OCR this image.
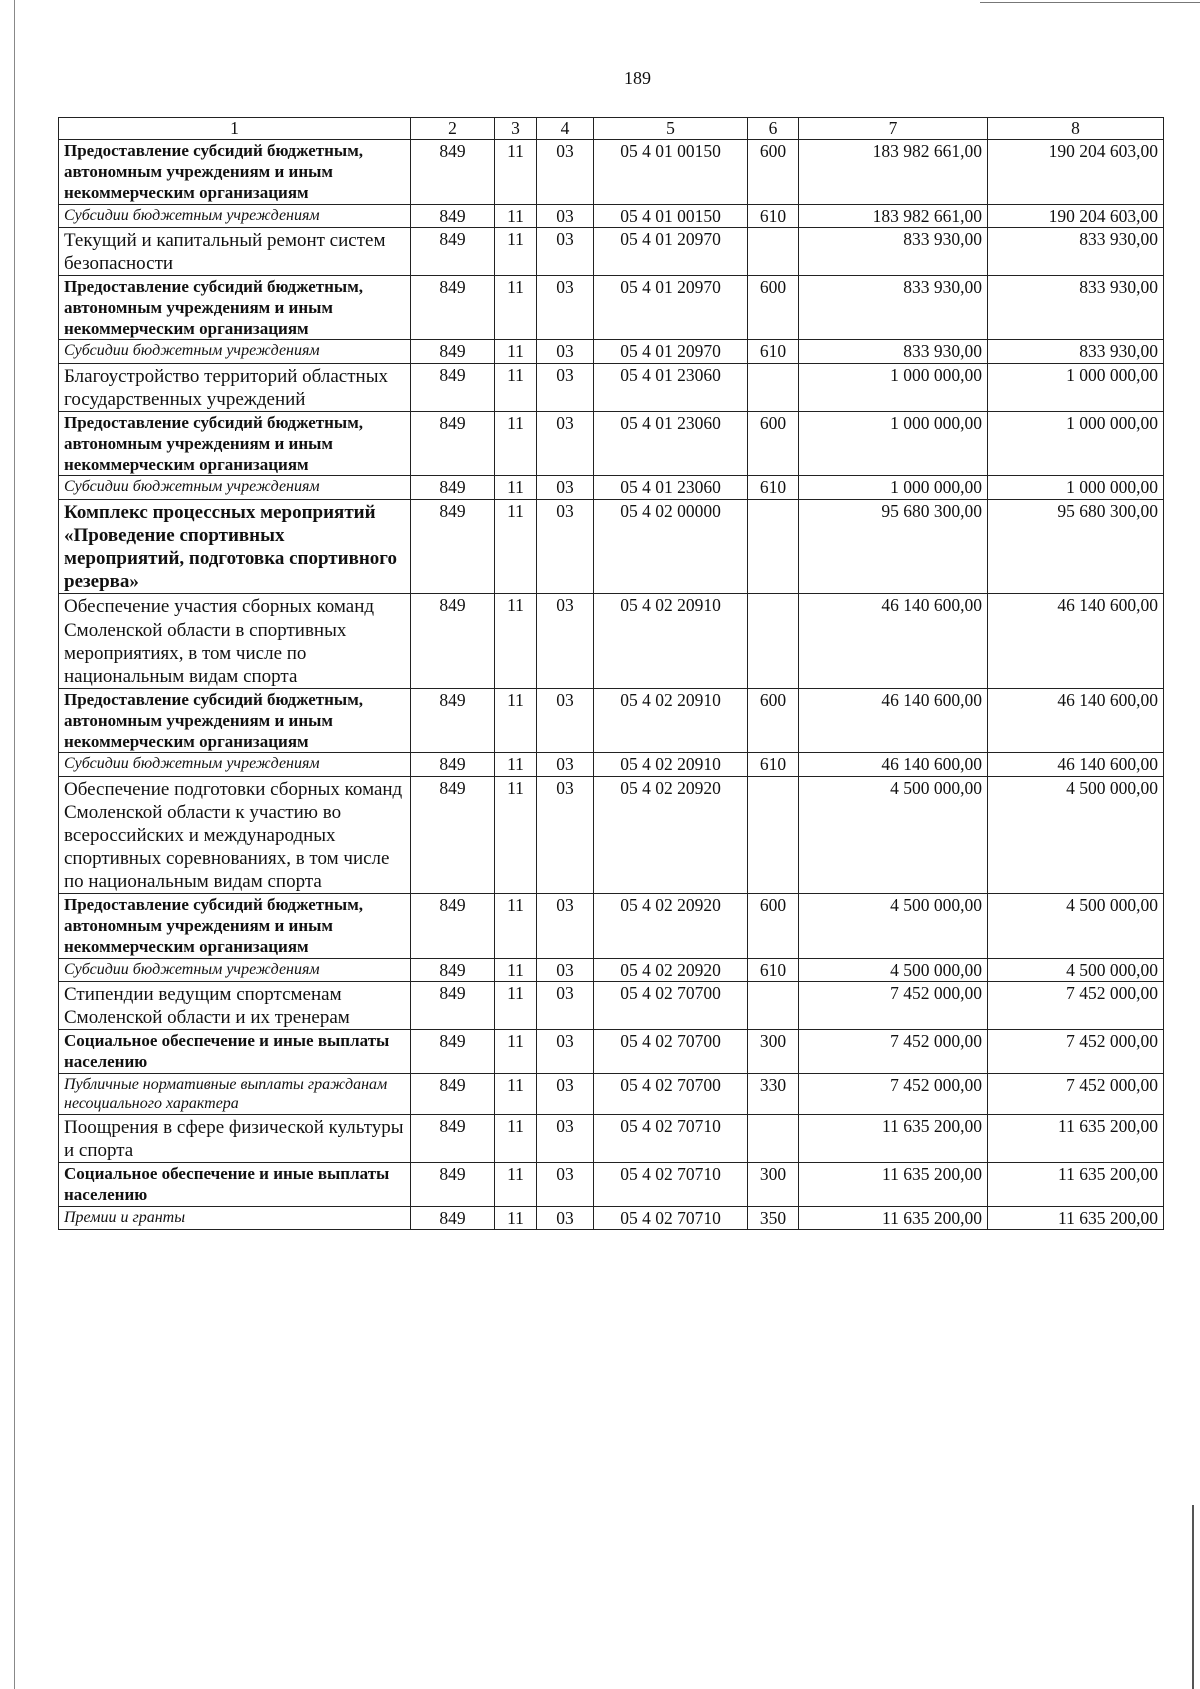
189
1	2	3	4	5	6	7	8
Предоставление субсидий бюджетным, автономным учреждениям и иным некоммерческим организациям	849	11	03	05 4 01 00150	600	183 982 661,00	190 204 603,00
Субсидии бюджетным учреждениям	849	11	03	05 4 01 00150	610	183 982 661,00	190 204 603,00
Текущий и капитальный ремонт систем безопасности	849	11	03	05 4 01 20970		833 930,00	833 930,00
Предоставление субсидий бюджетным, автономным учреждениям и иным некоммерческим организациям	849	11	03	05 4 01 20970	600	833 930,00	833 930,00
Субсидии бюджетным учреждениям	849	11	03	05 4 01 20970	610	833 930,00	833 930,00
Благоустройство территорий областных государственных учреждений	849	11	03	05 4 01 23060		1 000 000,00	1 000 000,00
Предоставление субсидий бюджетным, автономным учреждениям и иным некоммерческим организациям	849	11	03	05 4 01 23060	600	1 000 000,00	1 000 000,00
Субсидии бюджетным учреждениям	849	11	03	05 4 01 23060	610	1 000 000,00	1 000 000,00
Комплекс процессных мероприятий «Проведение спортивных мероприятий, подготовка спортивного резерва»	849	11	03	05 4 02 00000		95 680 300,00	95 680 300,00
Обеспечение участия сборных команд Смоленской области в спортивных мероприятиях, в том числе по национальным видам спорта	849	11	03	05 4 02 20910		46 140 600,00	46 140 600,00
Предоставление субсидий бюджетным, автономным учреждениям и иным некоммерческим организациям	849	11	03	05 4 02 20910	600	46 140 600,00	46 140 600,00
Субсидии бюджетным учреждениям	849	11	03	05 4 02 20910	610	46 140 600,00	46 140 600,00
Обеспечение подготовки сборных команд Смоленской области к участию во всероссийских и международных спортивных соревнованиях, в том числе по национальным видам спорта	849	11	03	05 4 02 20920		4 500 000,00	4 500 000,00
Предоставление субсидий бюджетным, автономным учреждениям и иным некоммерческим организациям	849	11	03	05 4 02 20920	600	4 500 000,00	4 500 000,00
Субсидии бюджетным учреждениям	849	11	03	05 4 02 20920	610	4 500 000,00	4 500 000,00
Стипендии ведущим спортсменам Смоленской области и их тренерам	849	11	03	05 4 02 70700		7 452 000,00	7 452 000,00
Социальное обеспечение и иные выплаты населению	849	11	03	05 4 02 70700	300	7 452 000,00	7 452 000,00
Публичные нормативные выплаты гражданам несоциального характера	849	11	03	05 4 02 70700	330	7 452 000,00	7 452 000,00
Поощрения в сфере физической культуры и спорта	849	11	03	05 4 02 70710		11 635 200,00	11 635 200,00
Социальное обеспечение и иные выплаты населению	849	11	03	05 4 02 70710	300	11 635 200,00	11 635 200,00
Премии и гранты	849	11	03	05 4 02 70710	350	11 635 200,00	11 635 200,00
